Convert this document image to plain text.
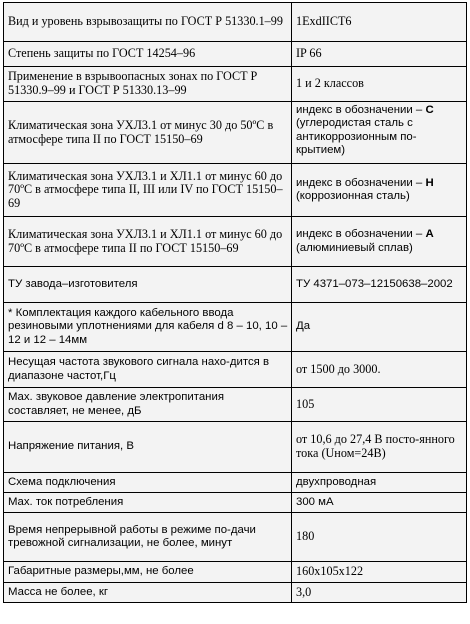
Вид и уровень взрывозащиты по ГОСТ Р 51330.1–99	1ExdIICT6
Степень защиты по ГОСТ 14254–96	IP 66
Применение в взрывоопасных зонах по ГОСТ Р 51330.9–99 и ГОСТ Р 51330.13–99	1 и 2 классов
Климатическая зона УХЛ3.1 от минус 30 до 50ºС в атмосфере типа II по ГОСТ 15150–69	индекс в обозначении – С (углеродистая сталь с антикоррозионным по-крытием)
Климатическая зона УХЛ3.1 и ХЛ1.1 от минус 60 до 70ºС в атмосфере типа II, III или IV по ГОСТ 15150–69	индекс в обозначении – Н (коррозионная сталь)
Климатическая зона УХЛ3.1 и ХЛ1.1 от минус 60 до 70ºС в атмосфере типа II по ГОСТ 15150–69	индекс в обозначении – А (алюминиевый сплав)
ТУ завода–изготовителя	ТУ 4371–073–12150638–2002
* Комплектация каждого кабельного ввода резиновыми уплотнениями для кабеля d 8 – 10, 10 – 12 и 12 – 14мм	Да
Несущая частота звукового сигнала нахо-дится в диапазоне частот,Гц	от 1500 до 3000.
Max. звуковое давление электропитания составляет, не менее, дБ	105
Напряжение питания, В	от 10,6 до 27,4 В посто-янного тока (Uном=24В)
Схема подключения	двухпроводная
Max. ток потребления	300 мА
Время непрерывной работы в режиме по-дачи тревожной сигнализации, не более, минут	180
Габаритные размеры,мм, не более	160х105х122
Масса не более, кг	3,0
